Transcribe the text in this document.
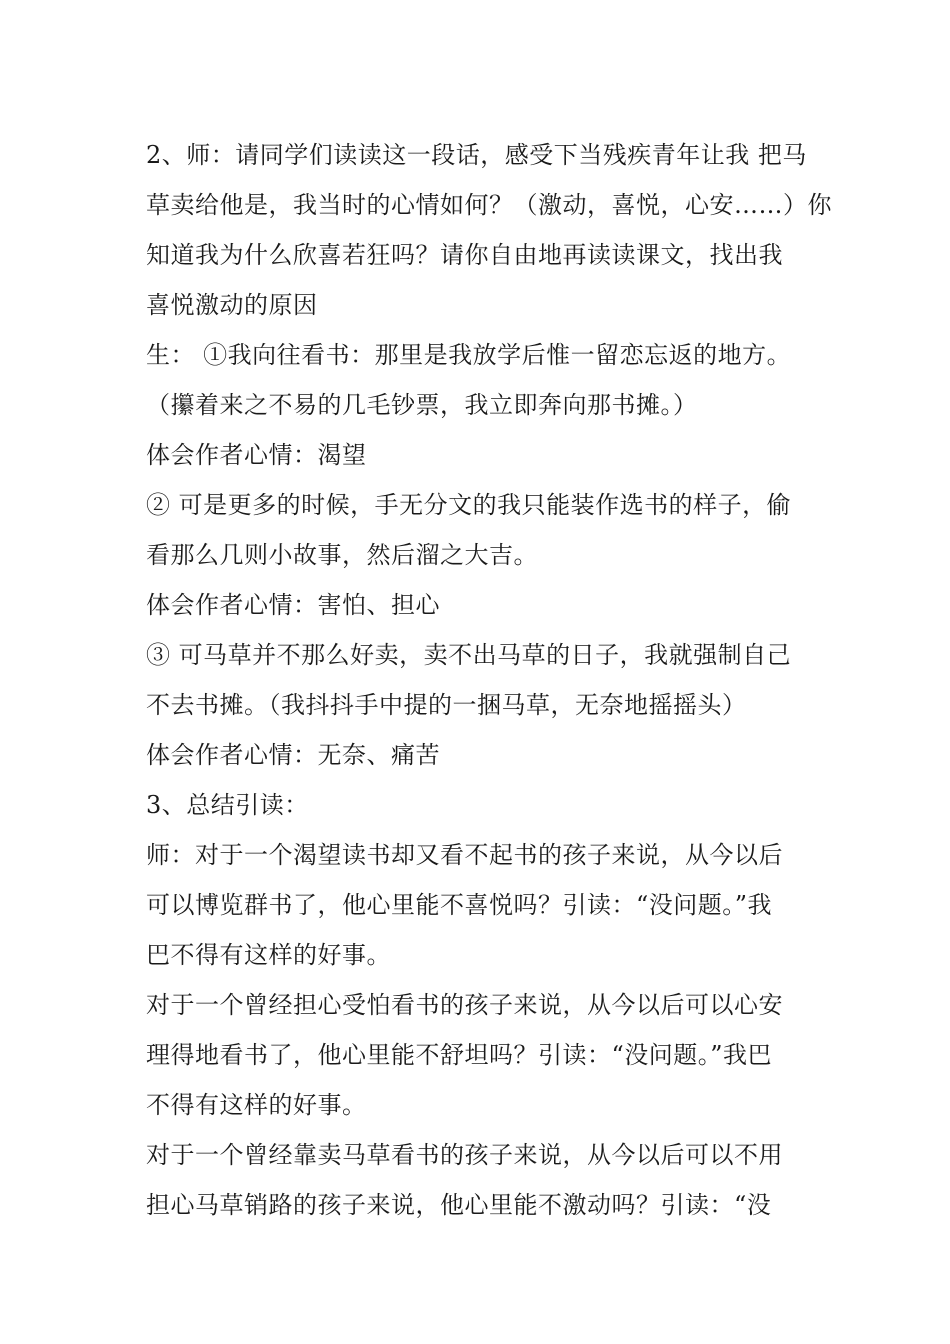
2、师：请同学们读读这一段话，感受下当残疾青年让我 把马
草卖给他是，我当时的心情如何？（激动，喜悦，心安……）你
知道我为什么欣喜若狂吗？请你自由地再读读课文，找出我
喜悦激动的原因
生： ①我向往看书：那里是我放学后惟一留恋忘返的地方。
（攥着来之不易的几毛钞票，我立即奔向那书摊。）
体会作者心情：渴望
② 可是更多的时候，手无分文的我只能装作选书的样子，偷
看那么几则小故事，然后溜之大吉。
体会作者心情：害怕、担心
③ 可马草并不那么好卖，卖不出马草的日子，我就强制自己
不去书摊。（我抖抖手中提的一捆马草，无奈地摇摇头）
体会作者心情：无奈、痛苦
3、总结引读：
师：对于一个渴望读书却又看不起书的孩子来说，从今以后
可以博览群书了，他心里能不喜悦吗？引读：“没问题。”我
巴不得有这样的好事。
对于一个曾经担心受怕看书的孩子来说，从今以后可以心安
理得地看书了，他心里能不舒坦吗？引读：“没问题。”我巴
不得有这样的好事。
对于一个曾经靠卖马草看书的孩子来说，从今以后可以不用
担心马草销路的孩子来说，他心里能不激动吗？引读：“没
